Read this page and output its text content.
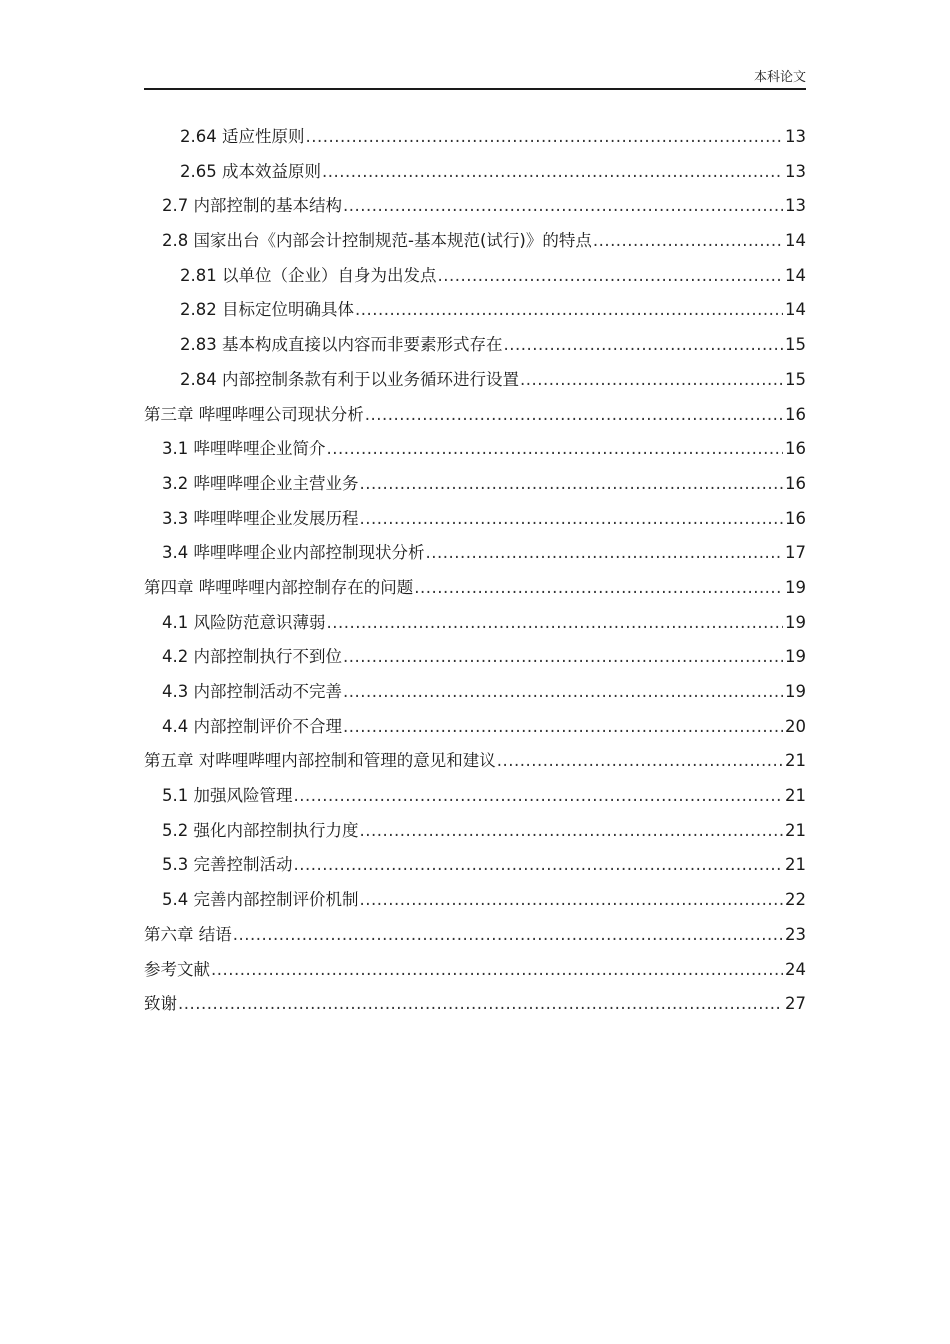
本科论文
2.64 适应性原则 .....	13
2.65 成本效益原则 .....	13
2.7 内部控制的基本结构 .....	13
2.8 国家出台《内部会计控制规范-基本规范(试行)》的特点 .....	14
2.81 以单位（企业）自身为出发点 .....	14
2.82 目标定位明确具体 .....	14
2.83 基本构成直接以内容而非要素形式存在 .....	15
2.84 内部控制条款有利于以业务循环进行设置 .....	15
第三章 哔哩哔哩公司现状分析 .....	16
3.1 哔哩哔哩企业简介 .....	16
3.2 哔哩哔哩企业主营业务 .....	16
3.3 哔哩哔哩企业发展历程 .....	16
3.4 哔哩哔哩企业内部控制现状分析 .....	17
第四章 哔哩哔哩内部控制存在的问题 .....	19
4.1 风险防范意识薄弱 .....	19
4.2 内部控制执行不到位 .....	19
4.3 内部控制活动不完善 .....	19
4.4 内部控制评价不合理 .....	20
第五章 对哔哩哔哩内部控制和管理的意见和建议 .....	21
5.1 加强风险管理 .....	21
5.2 强化内部控制执行力度 .....	21
5.3 完善控制活动 .....	21
5.4 完善内部控制评价机制 .....	22
第六章 结语 .....	23
参考文献 .....	24
致谢 .....	27
